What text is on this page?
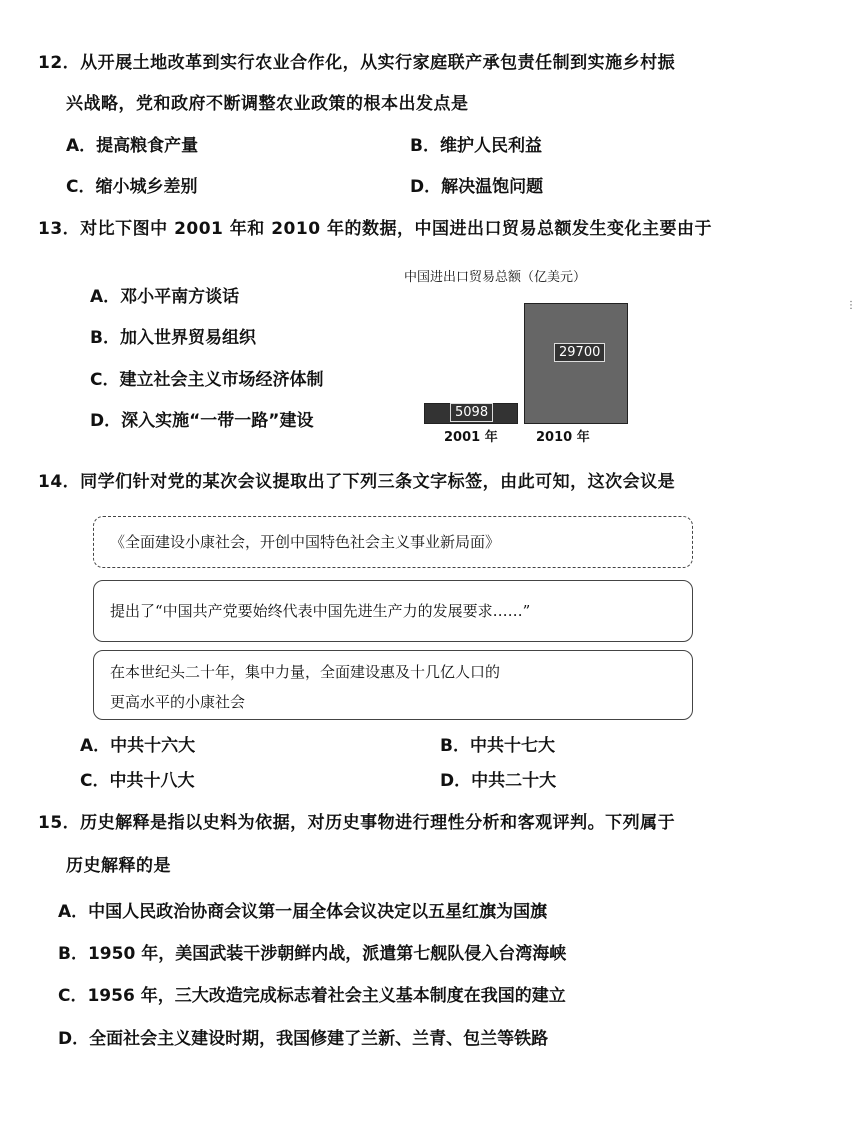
12．从开展土地改革到实行农业合作化，从实行家庭联产承包责任制到实施乡村振
兴战略，党和政府不断调整农业政策的根本出发点是
A．提高粮食产量	B．维护人民利益
C．缩小城乡差别	D．解决温饱问题
13．对比下图中 2001 年和 2010 年的数据，中国进出口贸易总额发生变化主要由于
A．邓小平南方谈话
B．加入世界贸易组织
C．建立社会主义市场经济体制
D．深入实施“一带一路”建设
中国进出口贸易总额（亿美元）
5098
2001 年
29700
2010 年
⋮
14．同学们针对党的某次会议提取出了下列三条文字标签，由此可知，这次会议是
《全面建设小康社会，开创中国特色社会主义事业新局面》
提出了“中国共产党要始终代表中国先进生产力的发展要求……”
在本世纪头二十年，集中力量，全面建设惠及十几亿人口的
更高水平的小康社会
A．中共十六大	B．中共十七大
C．中共十八大	D．中共二十大
15．历史解释是指以史料为依据，对历史事物进行理性分析和客观评判。下列属于
历史解释的是
A．中国人民政治协商会议第一届全体会议决定以五星红旗为国旗
B．1950 年，美国武装干涉朝鲜内战，派遣第七舰队侵入台湾海峡
C．1956 年，三大改造完成标志着社会主义基本制度在我国的建立
D．全面社会主义建设时期，我国修建了兰新、兰青、包兰等铁路
